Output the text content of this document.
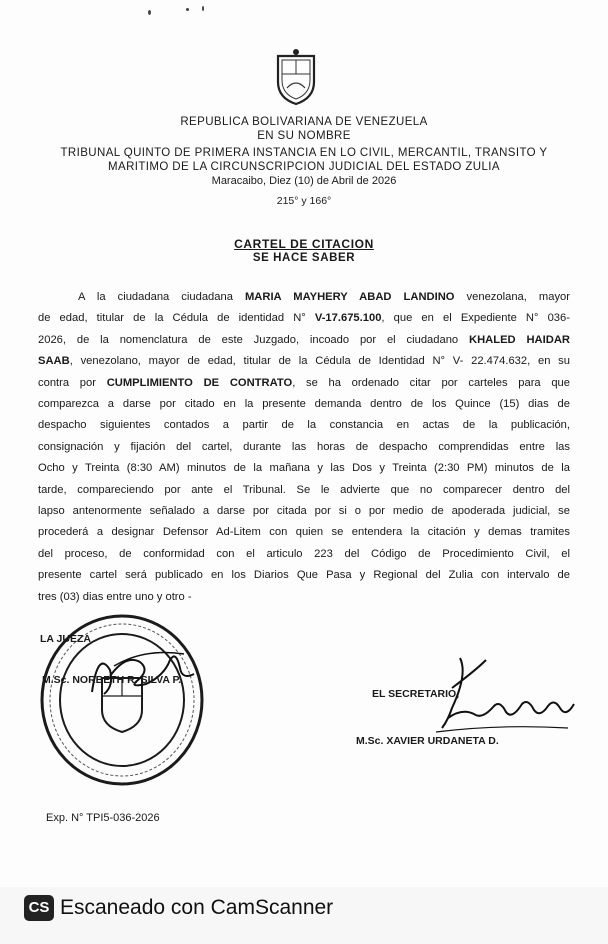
REPUBLICA BOLIVARIANA DE VENEZUELA
EN SU NOMBRE
TRIBUNAL QUINTO DE PRIMERA INSTANCIA EN LO CIVIL, MERCANTIL, TRANSITO Y
MARITIMO DE LA CIRCUNSCRIPCION JUDICIAL DEL ESTADO ZULIA
Maracaibo, Diez (10) de Abril de 2026
215° y 166°
CARTEL DE CITACION
SE HACE SABER
A la ciudadana ciudadana MARIA MAYHERY ABAD LANDINO venezolana, mayor
de edad, titular de la Cédula de identidad N° V-17.675.100, que en el Expediente N° 036-
2026, de la nomenclatura de este Juzgado, incoado por el ciudadano KHALED HAIDAR
SAAB, venezolano, mayor de edad, titular de la Cédula de Identidad N° V- 22.474.632, en su
contra por CUMPLIMIENTO DE CONTRATO, se ha ordenado citar por carteles para que
comparezca a darse por citado en la presente demanda dentro de los Quince (15) dias de
despacho siguientes contados a partir de la constancia en actas de la publicación,
consignación y fijación del cartel, durante las horas de despacho comprendidas entre las
Ocho y Treinta (8:30 AM) minutos de la mañana y las Dos y Treinta (2:30 PM) minutos de la
tarde, compareciendo por ante el Tribunal. Se le advierte que no comparecer dentro del
lapso antenormente señalado a darse por citada por si o por medio de apoderada judicial, se
procederá a designar Defensor Ad-Litem con quien se entendera la citación y demas tramites
del proceso, de conformidad con el articulo 223 del Código de Procedimiento Civil, el
presente cartel será publicado en los Diarios Que Pasa y Regional del Zulia con intervalo de
tres (03) dias entre uno y otro -
LA JUEZA
M.Sc. NORBETH R. SILVA P.
EL SECRETARIO,
M.Sc. XAVIER URDANETA D.
Exp. N° TPI5-036-2026
CS Escaneado con CamScanner
